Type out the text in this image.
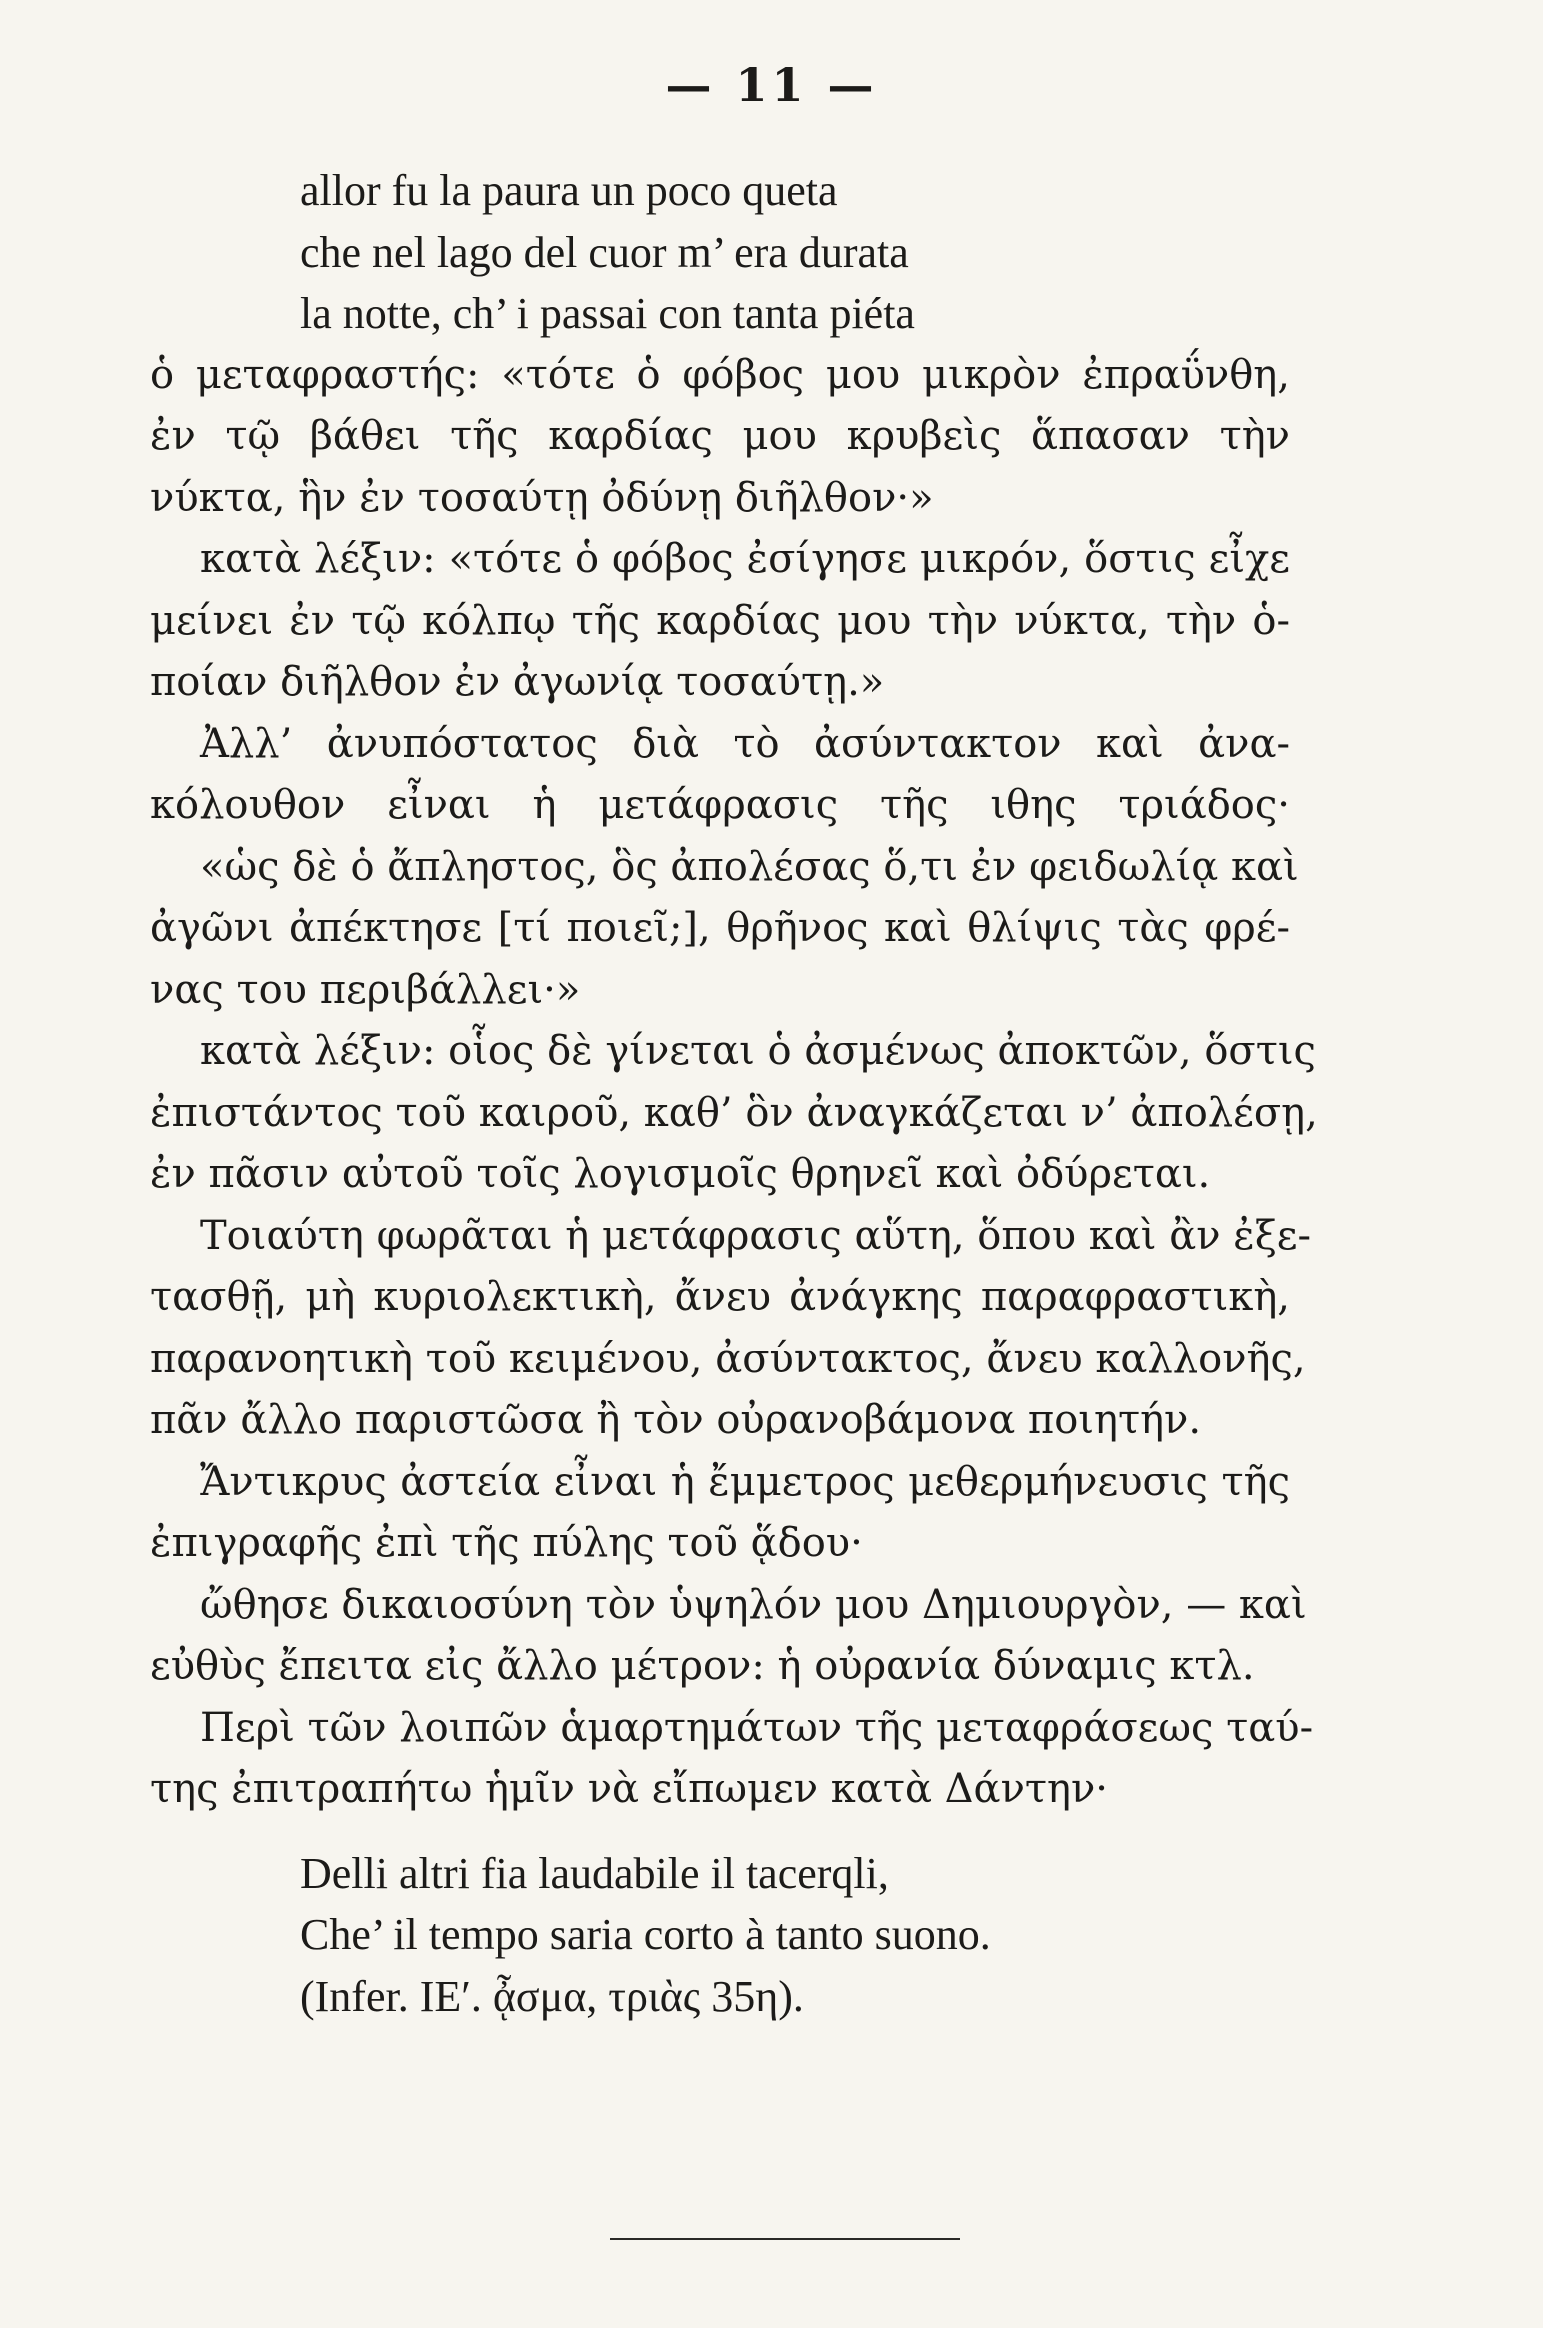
— 11 —
allor fu la paura un poco queta
che nel lago del cuor m’ era durata
la notte, ch’ i passai con tanta piéta
ὁ μεταφραστής: «τότε ὁ φόβος μου μικρὸν ἐπραΰνθη,
ἐν τῷ βάθει τῆς καρδίας μου κρυβεὶς ἅπασαν τὴν
νύκτα, ἣν ἐν τοσαύτῃ ὀδύνῃ διῆλθον·»
κατὰ λέξιν: «τότε ὁ φόβος ἐσίγησε μικρόν, ὅστις εἶχε
μείνει ἐν τῷ κόλπῳ τῆς καρδίας μου τὴν νύκτα, τὴν ὁ-
ποίαν διῆλθον ἐν ἀγωνίᾳ τοσαύτῃ.»
Ἀλλ’ ἀνυπόστατος διὰ τὸ ἀσύντακτον καὶ ἀνα-
κόλουθον εἶναι ἡ μετάφρασις τῆς ιθης τριάδος·
«ὡς δὲ ὁ ἄπληστος, ὃς ἀπολέσας ὅ,τι ἐν φειδωλίᾳ καὶ
ἀγῶνι ἀπέκτησε [τί ποιεῖ;], θρῆνος καὶ θλίψις τὰς φρέ-
νας του περιβάλλει·»
κατὰ λέξιν: οἷος δὲ γίνεται ὁ ἀσμένως ἀποκτῶν, ὅστις
ἐπιστάντος τοῦ καιροῦ, καθ’ ὃν ἀναγκάζεται ν’ ἀπολέσῃ,
ἐν πᾶσιν αὐτοῦ τοῖς λογισμοῖς θρηνεῖ καὶ ὀδύρεται.
Τοιαύτη φωρᾶται ἡ μετάφρασις αὕτη, ὅπου καὶ ἂν ἐξε-
τασθῇ, μὴ κυριολεκτικὴ, ἄνευ ἀνάγκης παραφραστικὴ,
παρανοητικὴ τοῦ κειμένου, ἀσύντακτος, ἄνευ καλλονῆς,
πᾶν ἄλλο παριστῶσα ἢ τὸν οὐρανοβάμονα ποιητήν.
Ἄντικρυς ἀστεία εἶναι ἡ ἔμμετρος μεθερμήνευσις τῆς
ἐπιγραφῆς ἐπὶ τῆς πύλης τοῦ ᾅδου·
ὤθησε δικαιοσύνη τὸν ὑψηλόν μου Δημιουργὸν, — καὶ
εὐθὺς ἔπειτα εἰς ἄλλο μέτρον: ἡ οὐρανία δύναμις κτλ.
Περὶ τῶν λοιπῶν ἁμαρτημάτων τῆς μεταφράσεως ταύ-
της ἐπιτραπήτω ἡμῖν νὰ εἴπωμεν κατὰ Δάντην·
Delli altri fia laudabile il tacerqli,
Che’ il tempo saria corto à tanto suono.
(Infer. ΙΕ′. ᾆσμα, τριὰς 35η).
